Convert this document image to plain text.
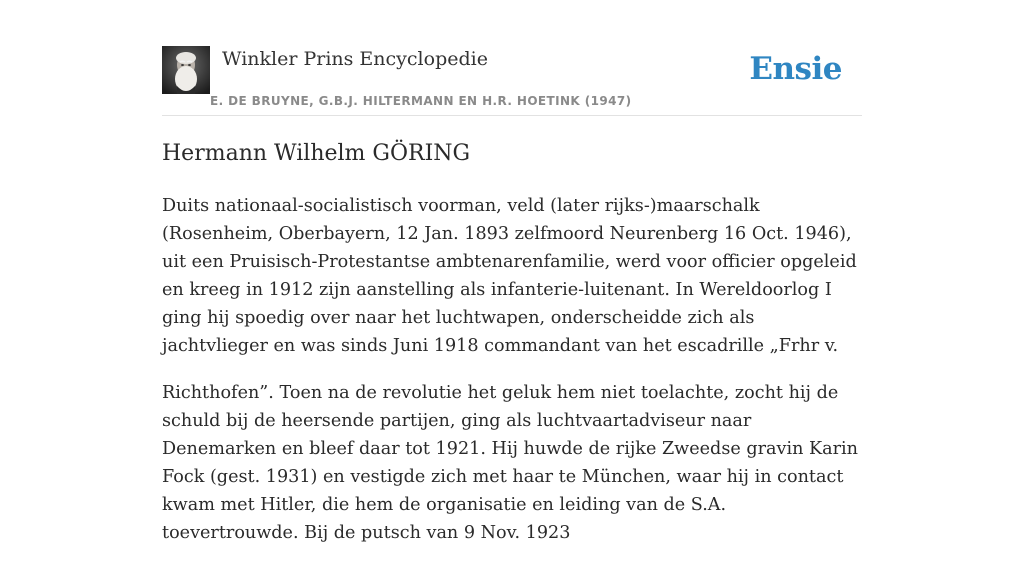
Winkler Prins Encyclopedie
E. DE BRUYNE, G.B.J. HILTERMANN EN H.R. HOETINK (1947)
Ensie
Hermann Wilhelm GÖRING

Duits nationaal-socialistisch voorman, veld (later rijks-)maarschalk (Rosenheim, Oberbayern, 12 Jan. 1893 zelfmoord Neurenberg 16 Oct. 1946), uit een Pruisisch-Protestantse ambtenarenfamilie, werd voor officier opgeleid en kreeg in 1912 zijn aanstelling als infanterie-luitenant. In Wereldoorlog I ging hij spoedig over naar het luchtwapen, onderscheidde zich als jachtvlieger en was sinds Juni 1918 commandant van het escadrille „Frhr v.

Richthofen”. Toen na de revolutie het geluk hem niet toelachte, zocht hij de schuld bij de heersende partijen, ging als luchtvaartadviseur naar Denemarken en bleef daar tot 1921. Hij huwde de rijke Zweedse gravin Karin Fock (gest. 1931) en vestigde zich met haar te München, waar hij in contact kwam met Hitler, die hem de organisatie en leiding van de S.A. toevertrouwde. Bij de putsch van 9 Nov. 1923
